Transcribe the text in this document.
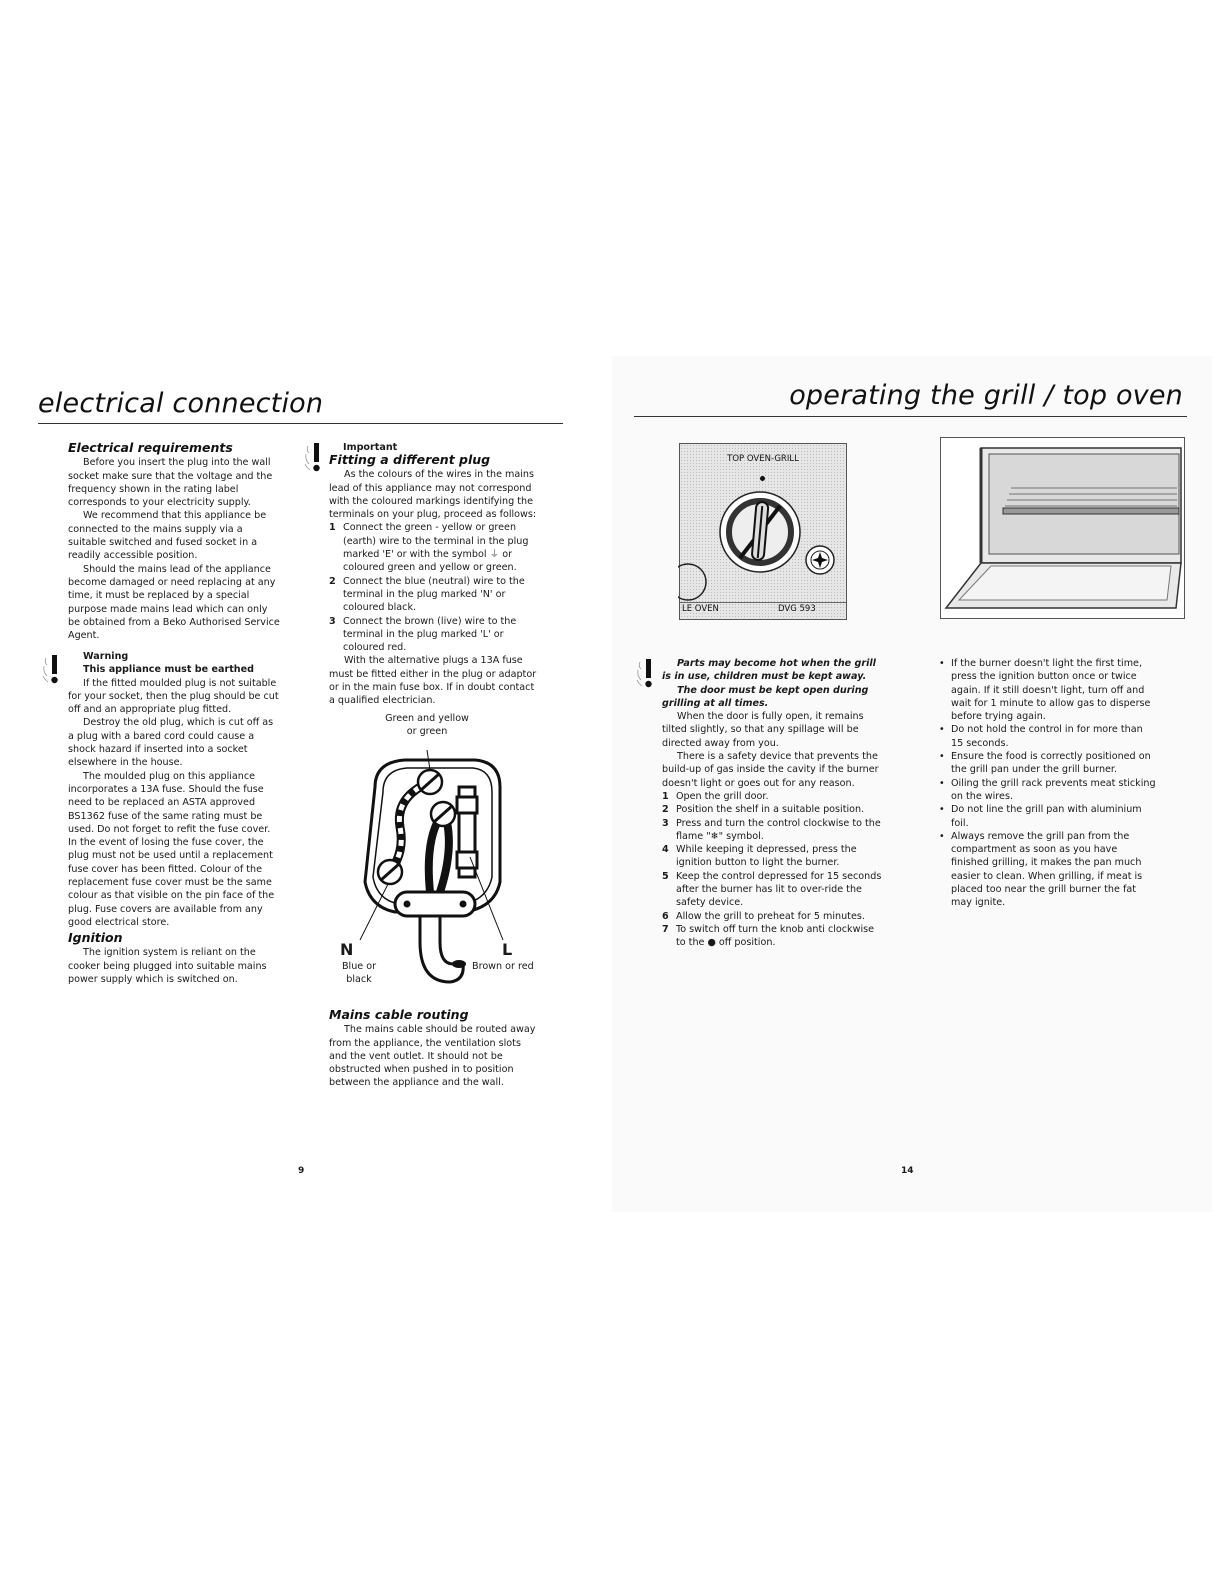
electrical connection
Electrical requirements

Before you insert the plug into the wall socket make sure that the voltage and the frequency shown in the rating label corresponds to your electricity supply.

We recommend that this appliance be connected to the mains supply via a suitable switched and fused socket in a readily accessible position.

Should the mains lead of the appliance become damaged or need replacing at any time, it must be replaced by a special purpose made mains lead which can only be obtained from a Beko Authorised Service Agent.

Warning
This appliance must be earthed

If the fitted moulded plug is not suitable for your socket, then the plug should be cut off and an appropriate plug fitted.

Destroy the old plug, which is cut off as a plug with a bared cord could cause a shock hazard if inserted into a socket elsewhere in the house.

The moulded plug on this appliance incorporates a 13A fuse. Should the fuse need to be replaced an ASTA approved BS1362 fuse of the same rating must be used. Do not forget to refit the fuse cover. In the event of losing the fuse cover, the plug must not be used until a replacement fuse cover has been fitted. Colour of the replacement fuse cover must be the same colour as that visible on the pin face of the plug. Fuse covers are available from any good electrical store.

Ignition

The ignition system is reliant on the cooker being plugged into suitable mains power supply which is switched on.

Important
Fitting a different plug

As the colours of the wires in the mains lead of this appliance may not correspond with the coloured markings identifying the terminals on your plug, proceed as follows:

1 Connect the green - yellow or green (earth) wire to the terminal in the plug marked 'E' or with the symbol ⏚ or coloured green and yellow or green.
2 Connect the blue (neutral) wire to the terminal in the plug marked 'N' or coloured black.
3 Connect the brown (live) wire to the terminal in the plug marked 'L' or coloured red.

With the alternative plugs a 13A fuse must be fitted either in the plug or adaptor or in the main fuse box. If in doubt contact a qualified electrician.

Green and yellow
or green
N
Blue or
black
L
Brown or red
Mains cable routing

The mains cable should be routed away from the appliance, the ventilation slots and the vent outlet. It should not be obstructed when pushed in to position between the appliance and the wall.

9
operating the grill / top oven
TOP OVEN-GRILL
LE OVEN	DVG 593

Parts may become hot when the grill is in use, children must be kept away.

The door must be kept open during grilling at all times.

When the door is fully open, it remains tilted slightly, so that any spillage will be directed away from you.

There is a safety device that prevents the build-up of gas inside the cavity if the burner doesn't light or goes out for any reason.

1 Open the grill door.
2 Position the shelf in a suitable position.
3 Press and turn the control clockwise to the flame "❄" symbol.
4 While keeping it depressed, press the ignition button to light the burner.
5 Keep the control depressed for 15 seconds after the burner has lit to over-ride the safety device.
6 Allow the grill to preheat for 5 minutes.
7 To switch off turn the knob anti clockwise to the ● off position.
• If the burner doesn't light the first time, press the ignition button once or twice again. If it still doesn't light, turn off and wait for 1 minute to allow gas to disperse before trying again.
• Do not hold the control in for more than 15 seconds.
• Ensure the food is correctly positioned on the grill pan under the grill burner.
• Oiling the grill rack prevents meat sticking on the wires.
• Do not line the grill pan with aluminium foil.
• Always remove the grill pan from the compartment as soon as you have finished grilling, it makes the pan much easier to clean. When grilling, if meat is placed too near the grill burner the fat may ignite.
14
